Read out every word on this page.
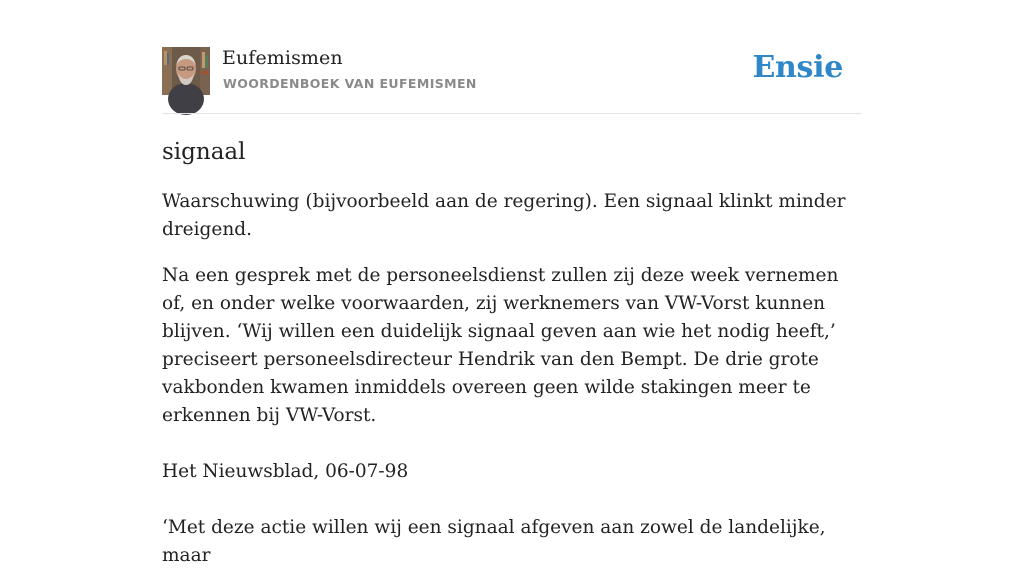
Eufemismen
WOORDENBOEK VAN EUFEMISMEN	Ensie
signaal

Waarschuwing (bijvoorbeeld aan de regering). Een signaal klinkt minder dreigend.

Na een gesprek met de personeelsdienst zullen zij deze week vernemen of, en onder welke voorwaarden, zij werknemers van VW-Vorst kunnen blijven. ‘Wij willen een duidelijk signaal geven aan wie het nodig heeft,’ preciseert personeelsdirecteur Hendrik van den Bempt. De drie grote vakbonden kwamen inmiddels overeen geen wilde stakingen meer te erkennen bij VW-Vorst.

Het Nieuwsblad, 06-07-98

‘Met deze actie willen wij een signaal afgeven aan zowel de landelijke, maar
